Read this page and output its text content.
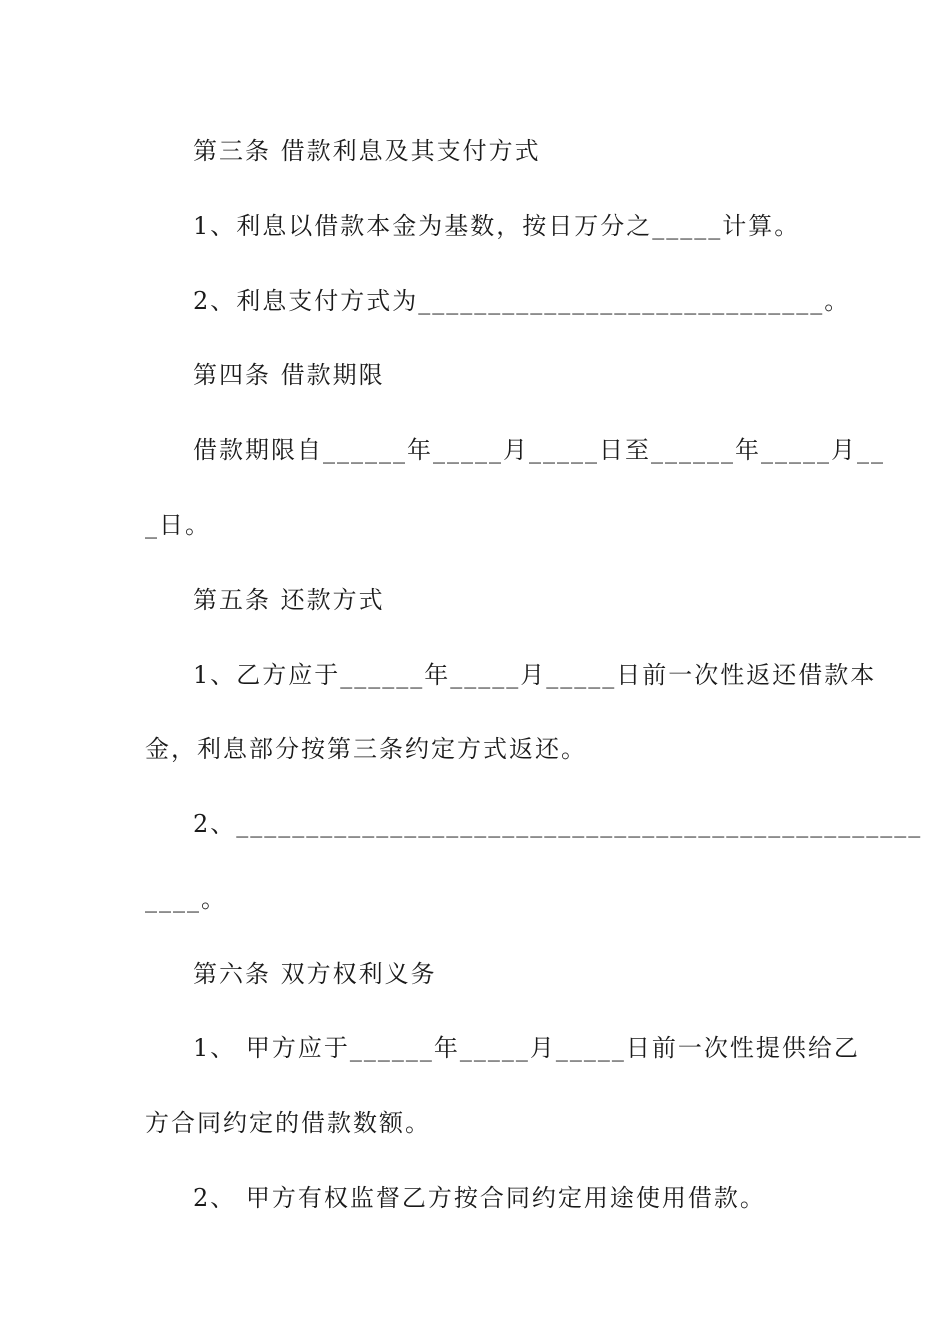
第三条 借款利息及其支付方式
1、利息以借款本金为基数，按日万分之_____计算。
2、利息支付方式为_____________________________。
第四条 借款期限
借款期限自______年_____月_____日至______年_____月__
_日。
第五条 还款方式
1、乙方应于______年_____月_____日前一次性返还借款本
金，利息部分按第三条约定方式返还。
2、_________________________________________________
____。
第六条 双方权利义务
1、 甲方应于______年_____月_____日前一次性提供给乙
方合同约定的借款数额。
2、 甲方有权监督乙方按合同约定用途使用借款。
